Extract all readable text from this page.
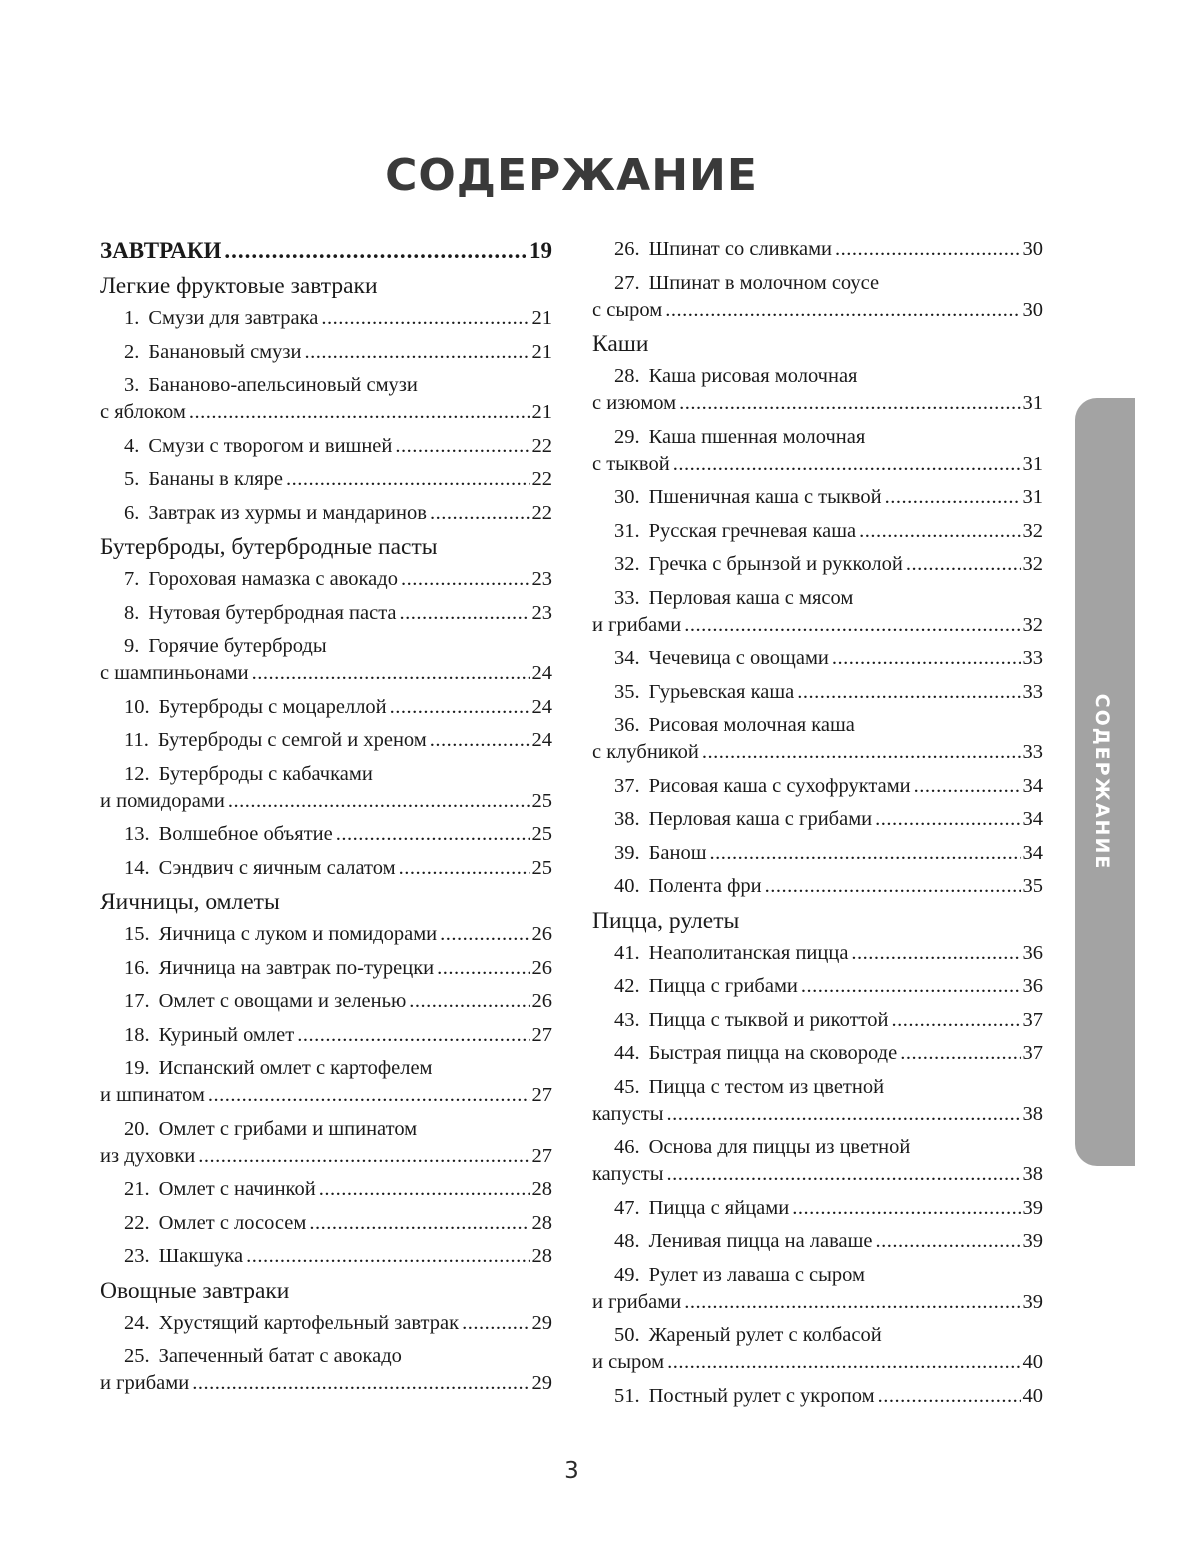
СОДЕРЖАНИЕ
ЗАВТРАКИ .....	19
Легкие фруктовые завтраки
1. Смузи для завтрака .....	21
2. Банановый смузи .....	21
3. Бананово-апельсиновый смузи
с яблоком .....	21
4. Смузи с творогом и вишней .....	22
5. Бананы в кляре .....	22
6. Завтрак из хурмы и мандаринов .....	22
Бутерброды, бутербродные пасты
7. Гороховая намазка с авокадо .....	23
8. Нутовая бутербродная паста .....	23
9. Горячие бутерброды
с шампиньонами .....	24
10. Бутерброды с моцареллой .....	24
11. Бутерброды с семгой и хреном .....	24
12. Бутерброды с кабачками
и помидорами .....	25
13. Волшебное объятие .....	25
14. Сэндвич с яичным салатом .....	25
Яичницы, омлеты
15. Яичница с луком и помидорами .....	26
16. Яичница на завтрак по-турецки .....	26
17. Омлет с овощами и зеленью .....	26
18. Куриный омлет .....	27
19. Испанский омлет с картофелем
и шпинатом .....	27
20. Омлет с грибами и шпинатом
из духовки .....	27
21. Омлет с начинкой .....	28
22. Омлет с лососем .....	28
23. Шакшука .....	28
Овощные завтраки
24. Хрустящий картофельный завтрак .....	29
25. Запеченный батат с авокадо
и грибами .....	29
26. Шпинат со сливками .....	30
27. Шпинат в молочном соусе
с сыром .....	30
Каши
28. Каша рисовая молочная
с изюмом .....	31
29. Каша пшенная молочная
с тыквой .....	31
30. Пшеничная каша с тыквой .....	31
31. Русская гречневая каша .....	32
32. Гречка с брынзой и рукколой .....	32
33. Перловая каша с мясом
и грибами .....	32
34. Чечевица с овощами .....	33
35. Гурьевская каша .....	33
36. Рисовая молочная каша
с клубникой .....	33
37. Рисовая каша с сухофруктами .....	34
38. Перловая каша с грибами .....	34
39. Банош .....	34
40. Полента фри .....	35
Пицца, рулеты
41. Неаполитанская пицца .....	36
42. Пицца с грибами .....	36
43. Пицца с тыквой и рикоттой .....	37
44. Быстрая пицца на сковороде .....	37
45. Пицца с тестом из цветной
капусты .....	38
46. Основа для пиццы из цветной
капусты .....	38
47. Пицца с яйцами .....	39
48. Ленивая пицца на лаваше .....	39
49. Рулет из лаваша с сыром
и грибами .....	39
50. Жареный рулет с колбасой
и сыром .....	40
51. Постный рулет с укропом .....	40
СОДЕРЖАНИЕ
3
